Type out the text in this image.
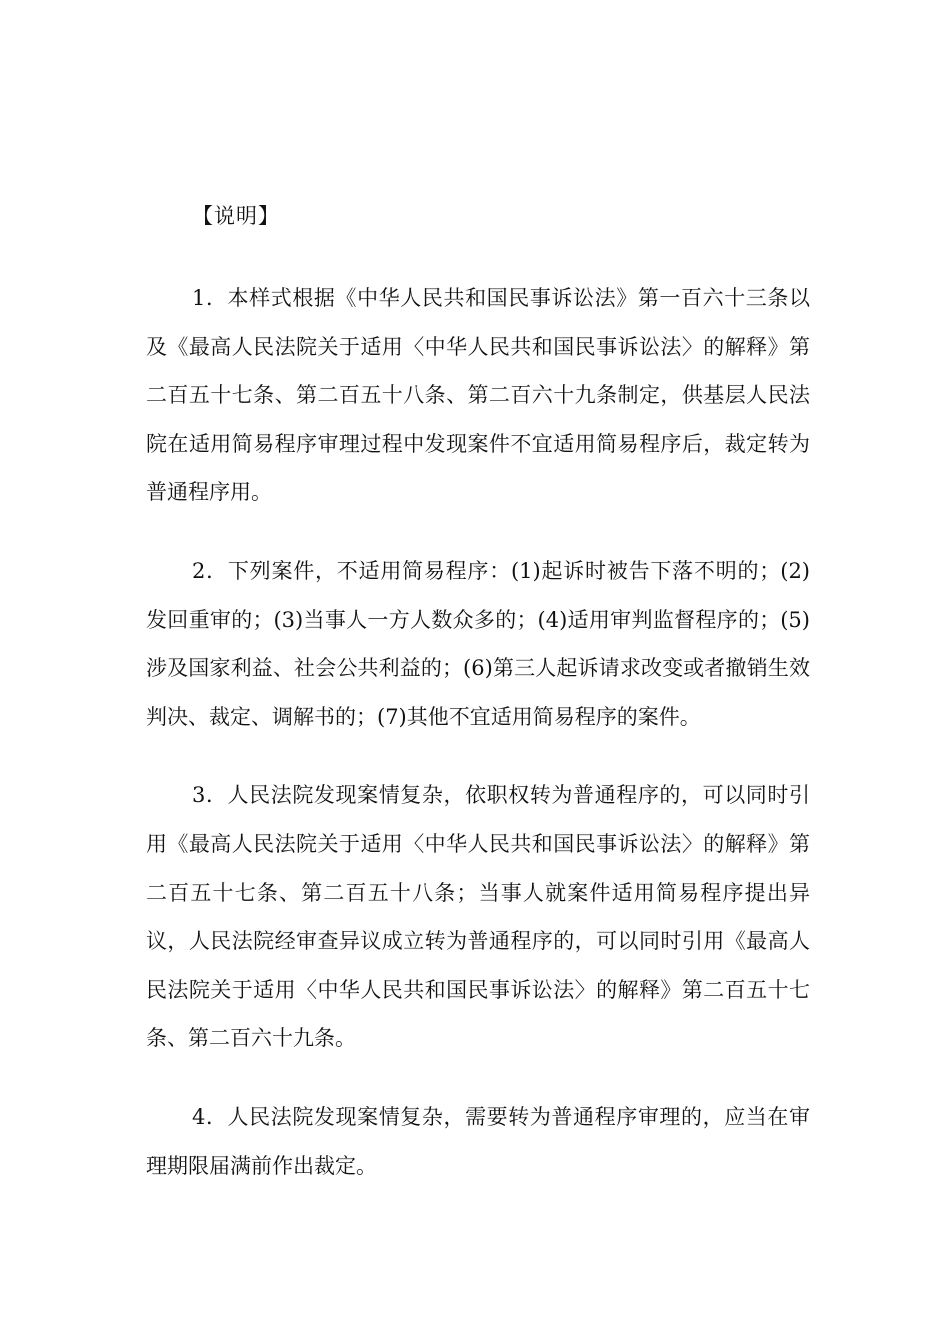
【说明】

1．本样式根据《中华人民共和国民事诉讼法》第一百六十三条以及《最高人民法院关于适用〈中华人民共和国民事诉讼法〉的解释》第二百五十七条、第二百五十八条、第二百六十九条制定，供基层人民法院在适用简易程序审理过程中发现案件不宜适用简易程序后，裁定转为普通程序用。

2．下列案件，不适用简易程序：(1)起诉时被告下落不明的；(2)发回重审的；(3)当事人一方人数众多的；(4)适用审判监督程序的；(5)涉及国家利益、社会公共利益的；(6)第三人起诉请求改变或者撤销生效判决、裁定、调解书的；(7)其他不宜适用简易程序的案件。

3．人民法院发现案情复杂，依职权转为普通程序的，可以同时引用《最高人民法院关于适用〈中华人民共和国民事诉讼法〉的解释》第二百五十七条、第二百五十八条；当事人就案件适用简易程序提出异议，人民法院经审查异议成立转为普通程序的，可以同时引用《最高人民法院关于适用〈中华人民共和国民事诉讼法〉的解释》第二百五十七条、第二百六十九条。

4．人民法院发现案情复杂，需要转为普通程序审理的，应当在审理期限届满前作出裁定。
